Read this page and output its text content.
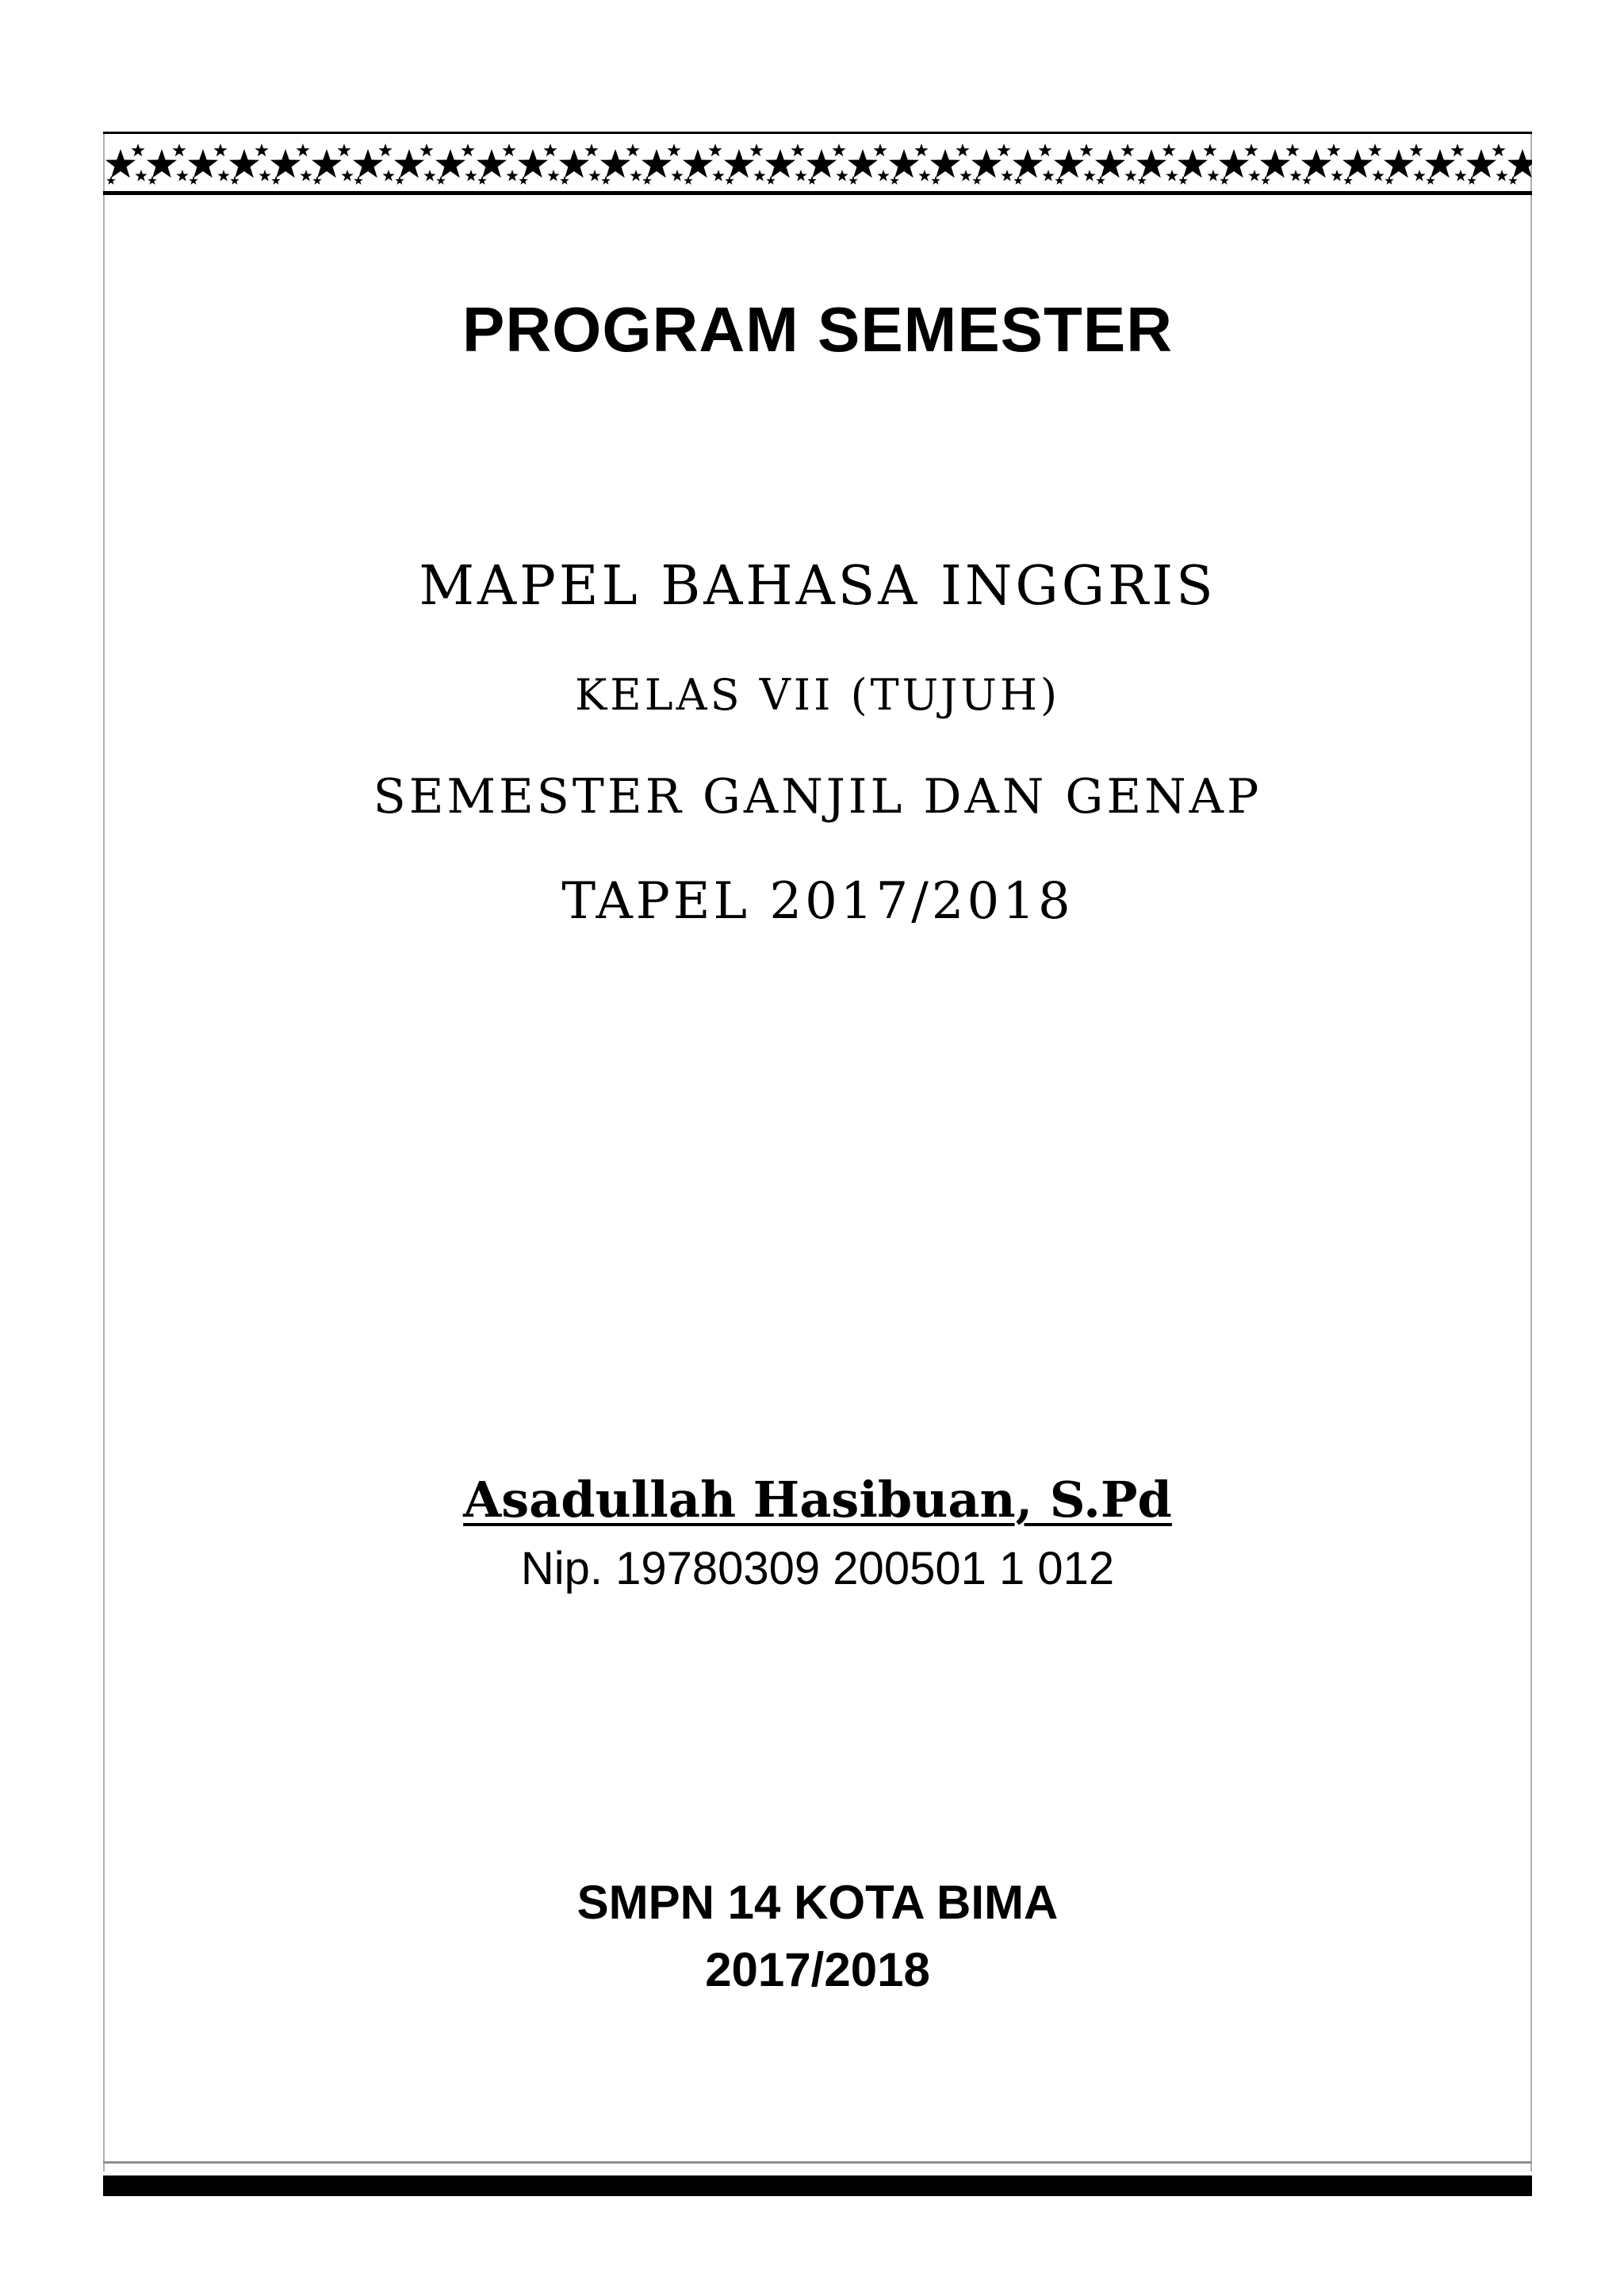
PROGRAM SEMESTER
MAPEL BAHASA INGGRIS
KELAS VII (TUJUH)
SEMESTER GANJIL DAN GENAP
TAPEL 2017/2018
Asadullah Hasibuan, S.Pd
Nip. 19780309 200501 1 012
SMPN 14 KOTA BIMA
2017/2018
